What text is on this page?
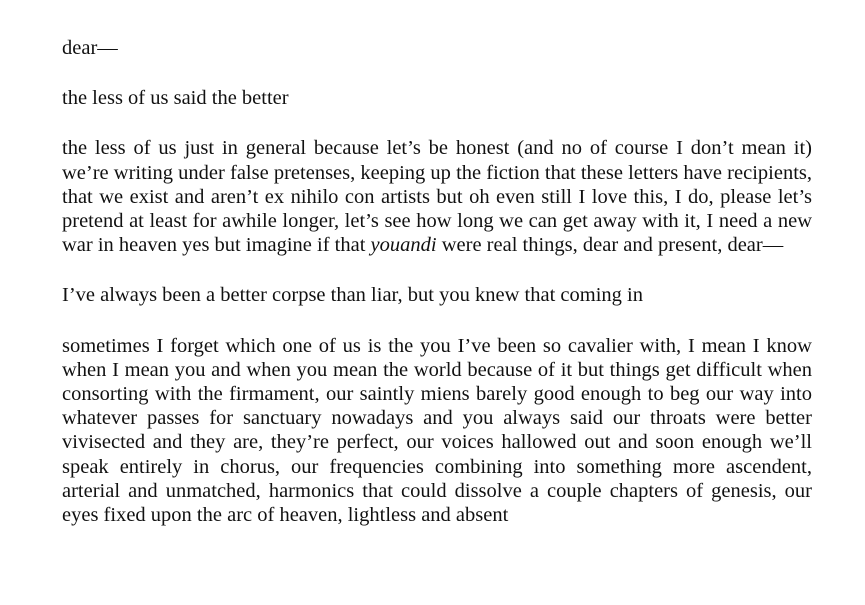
dear—

the less of us said the better

the less of us just in general because let’s be honest (and no of course I don’t mean it) we’re writing under false pretenses, keeping up the fiction that these letters have recipients, that we exist and aren’t ex nihilo con artists but oh even still I love this, I do, please let’s pretend at least for awhile longer, let’s see how long we can get away with it, I need a new war in heaven yes but imagine if that youandi were real things, dear and present, dear—

I’ve always been a better corpse than liar, but you knew that coming in

sometimes I forget which one of us is the you I’ve been so cavalier with, I mean I know when I mean you and when you mean the world because of it but things get difficult when consorting with the firmament, our saintly miens barely good enough to beg our way into whatever passes for sanctuary nowadays and you always said our throats were better vivisected and they are, they’re perfect, our voices hallowed out and soon enough we’ll speak entirely in chorus, our frequencies combining into something more ascendent, arterial and unmatched, harmonics that could dissolve a couple chapters of genesis, our eyes fixed upon the arc of heaven, lightless and absent
